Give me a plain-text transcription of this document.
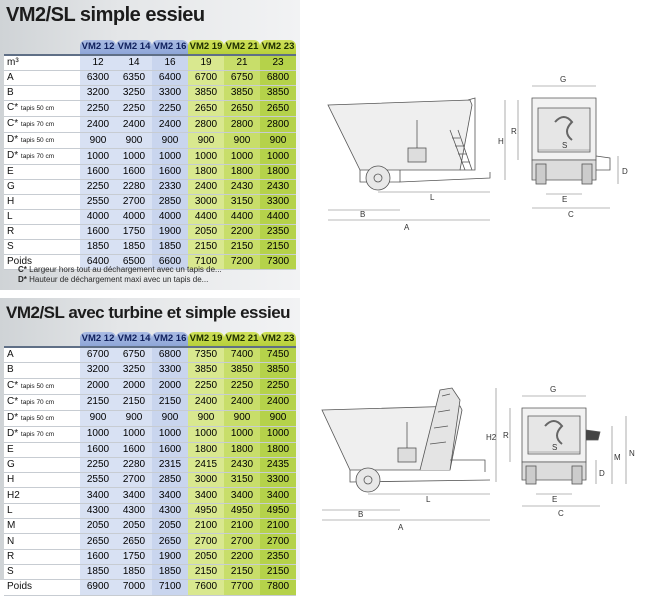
VM2/SL simple essieu
	VM2 12	VM2 14	VM2 16	VM2 19	VM2 21	VM2 23
m³	12	14	16	19	21	23
A	6300	6350	6400	6700	6750	6800
B	3200	3250	3300	3850	3850	3850
C* tapis 50 cm	2250	2250	2250	2650	2650	2650
C* tapis 70 cm	2400	2400	2400	2800	2800	2800
D* tapis 50 cm	900	900	900	900	900	900
D* tapis 70 cm	1000	1000	1000	1000	1000	1000
E	1600	1600	1600	1800	1800	1800
G	2250	2280	2330	2400	2430	2430
H	2550	2700	2850	3000	3150	3300
L	4000	4000	4000	4400	4400	4400
R	1600	1750	1900	2050	2200	2350
S	1850	1850	1850	2150	2150	2150
Poids	6400	6500	6600	7100	7200	7300
C* Largeur hors tout au déchargement avec un tapis de...
D* Hauteur de déchargement maxi avec un tapis de...
A
B
L
H
R
G
S
D
E
C
VM2/SL avec turbine et simple essieu
	VM2 12	VM2 14	VM2 16	VM2 19	VM2 21	VM2 23
A	6700	6750	6800	7350	7400	7450
B	3200	3250	3300	3850	3850	3850
C* tapis 50 cm	2000	2000	2000	2250	2250	2250
C* tapis 70 cm	2150	2150	2150	2400	2400	2400
D* tapis 50 cm	900	900	900	900	900	900
D* tapis 70 cm	1000	1000	1000	1000	1000	1000
E	1600	1600	1600	1800	1800	1800
G	2250	2280	2315	2415	2430	2435
H	2550	2700	2850	3000	3150	3300
H2	3400	3400	3400	3400	3400	3400
L	4300	4300	4300	4950	4950	4950
M	2050	2050	2050	2100	2100	2100
N	2650	2650	2650	2700	2700	2700
R	1600	1750	1900	2050	2200	2350
S	1850	1850	1850	2150	2150	2150
Poids	6900	7000	7100	7600	7700	7800
A
B
L
H2 R
G
S
D
E
C
M N
